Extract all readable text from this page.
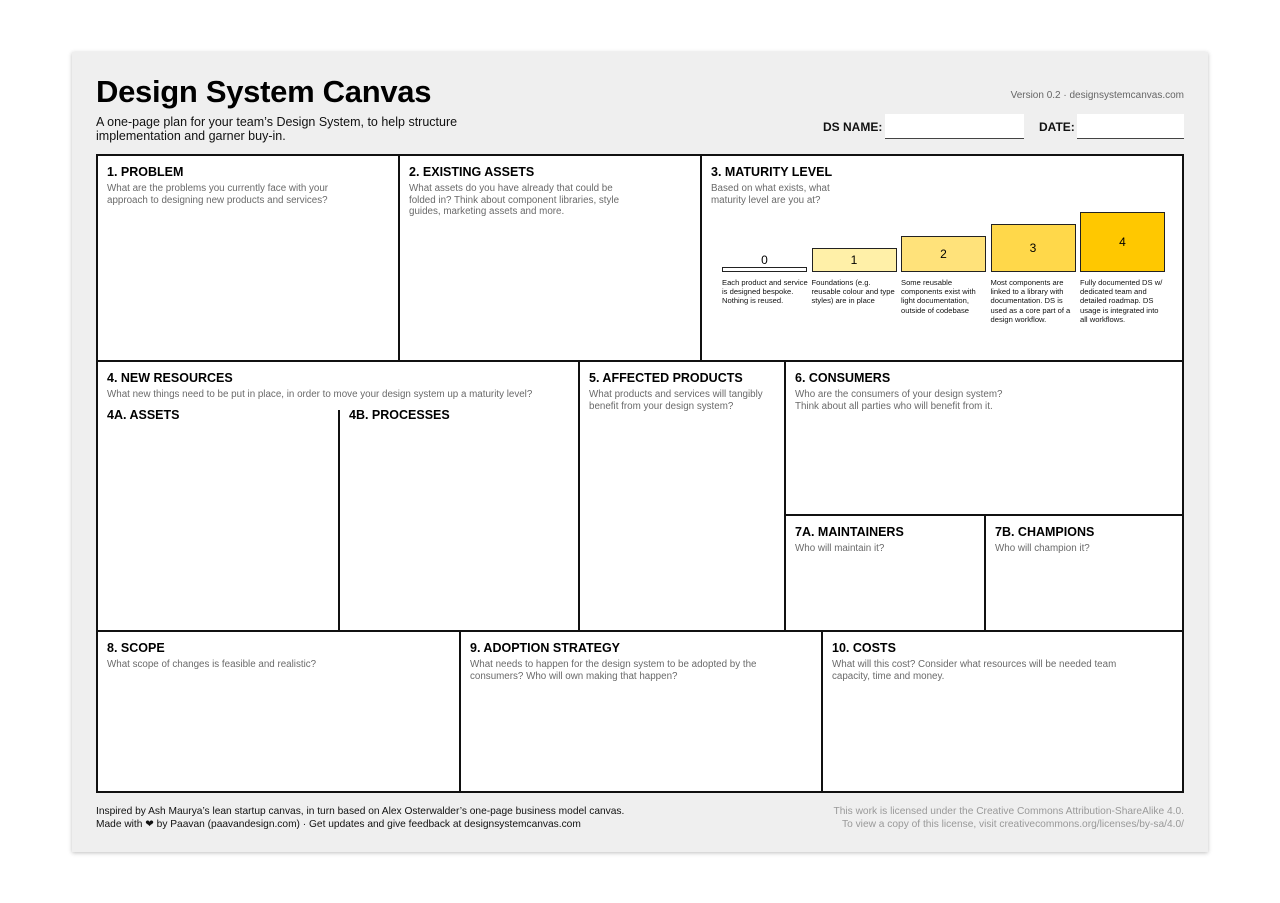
Design System Canvas
A one-page plan for your team’s Design System, to help structure implementation and garner buy-in.
Version 0.2 · designsystemcanvas.com
DS NAME:	DATE:
1. PROBLEM

What are the problems you currently face with your approach to designing new products and services?

2. EXISTING ASSETS

What assets do you have already that could be folded in? Think about component libraries, style guides, marketing assets and more.

3. MATURITY LEVEL

Based on what exists, what maturity level are you at?

0
Each product and service is designed bespoke. Nothing is reused.
1
Foundations (e.g. reusable colour and type styles) are in place
2
Some reusable components exist with light documentation, outside of codebase
3
Most components are linked to a library with documentation. DS is used as a core part of a design workflow.
4
Fully documented DS w/ dedicated team and detailed roadmap. DS usage is integrated into all workflows.
4. NEW RESOURCES

What new things need to be put in place, in order to move your design system up a maturity level?

4A. ASSETS	4B. PROCESSES
5. AFFECTED PRODUCTS

What products and services will tangibly benefit from your design system?

6. CONSUMERS

Who are the consumers of your design system? Think about all parties who will benefit from it.

7A. MAINTAINERS

Who will maintain it?

7B. CHAMPIONS

Who will champion it?

8. SCOPE

What scope of changes is feasible and realistic?

9. ADOPTION STRATEGY

What needs to happen for the design system to be adopted by the consumers? Who will own making that happen?

10. COSTS

What will this cost? Consider what resources will be needed team capacity, time and money.

Inspired by Ash Maurya’s lean startup canvas, in turn based on Alex Osterwalder’s one-page business model canvas.
Made with ❤ by Paavan (paavandesign.com) · Get updates and give feedback at designsystemcanvas.com
This work is licensed under the Creative Commons Attribution-ShareAlike 4.0.
To view a copy of this license, visit creativecommons.org/licenses/by-sa/4.0/
